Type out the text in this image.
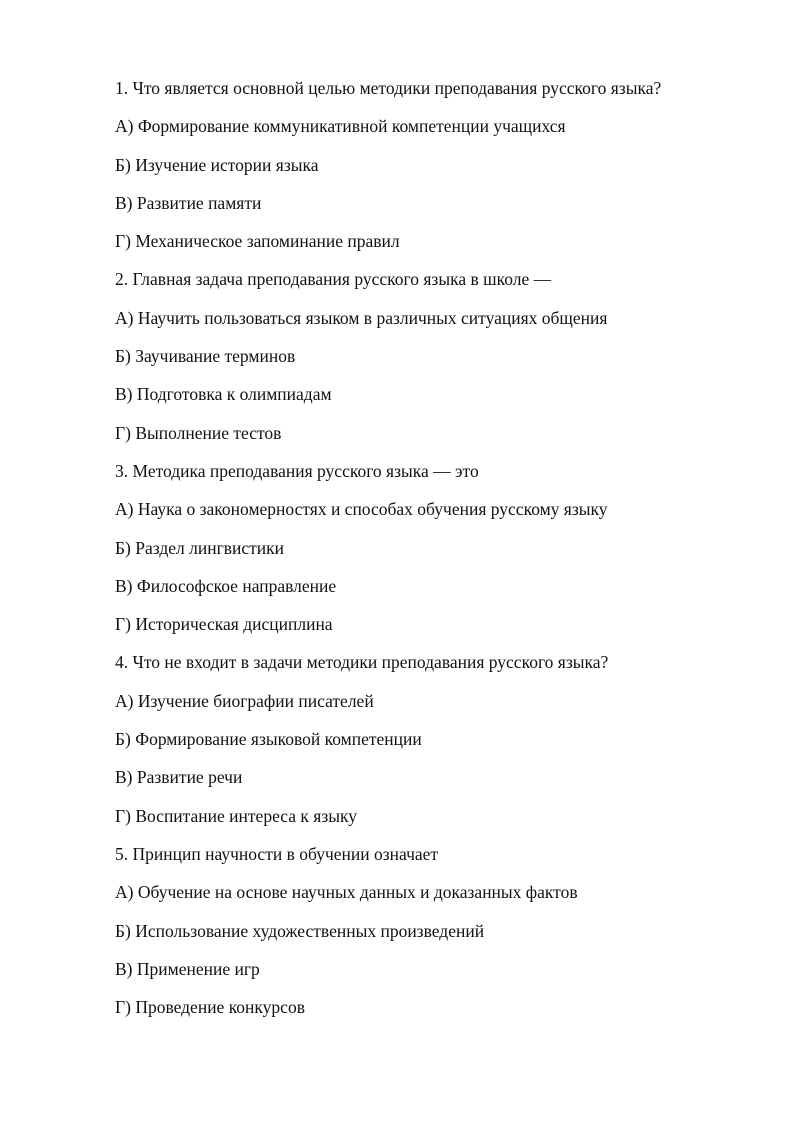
1. Что является основной целью методики преподавания русского языка?
А) Формирование коммуникативной компетенции учащихся
Б) Изучение истории языка
В) Развитие памяти
Г) Механическое запоминание правил
2. Главная задача преподавания русского языка в школе —
А) Научить пользоваться языком в различных ситуациях общения
Б) Заучивание терминов
В) Подготовка к олимпиадам
Г) Выполнение тестов
3. Методика преподавания русского языка — это
А) Наука о закономерностях и способах обучения русскому языку
Б) Раздел лингвистики
В) Философское направление
Г) Историческая дисциплина
4. Что не входит в задачи методики преподавания русского языка?
А) Изучение биографии писателей
Б) Формирование языковой компетенции
В) Развитие речи
Г) Воспитание интереса к языку
5. Принцип научности в обучении означает
А) Обучение на основе научных данных и доказанных фактов
Б) Использование художественных произведений
В) Применение игр
Г) Проведение конкурсов
